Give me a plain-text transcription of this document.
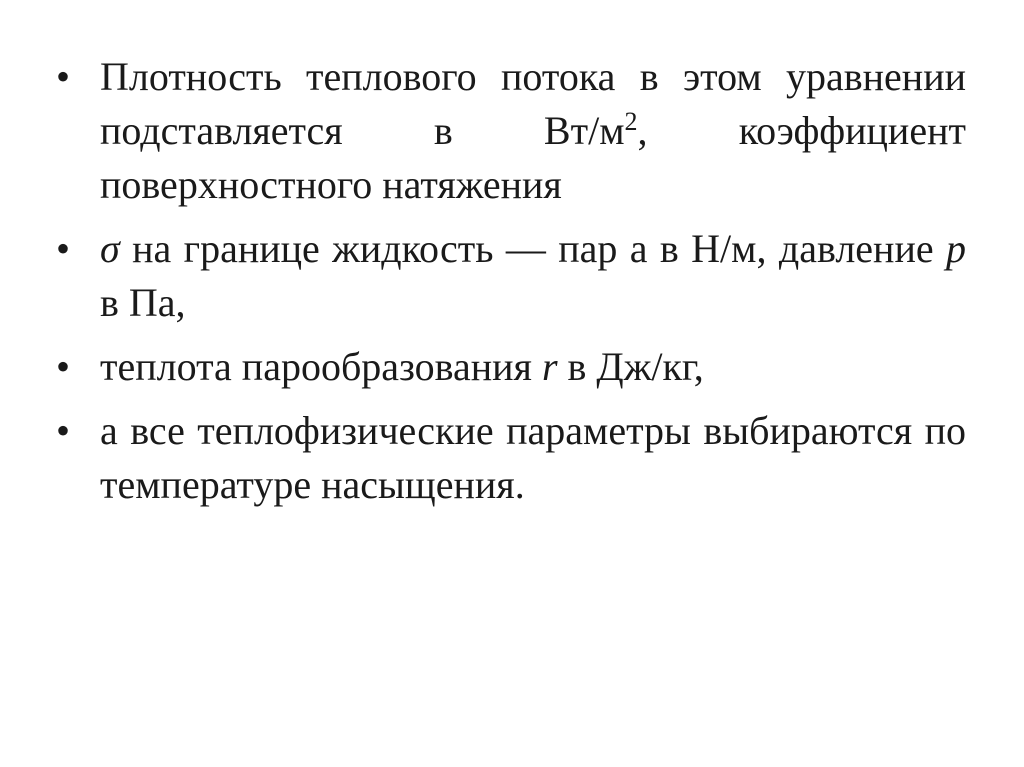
• Плотность теплового потока в этом уравнении подставляется в $Вт/м^2$, коэффициент поверхностного натяжения
• σ на границе жидкость — пар а в Н/м, давление p в Па,
• теплота парообразования r в Дж/кг,
• а все теплофизические параметры выбираются по температуре насыщения.
